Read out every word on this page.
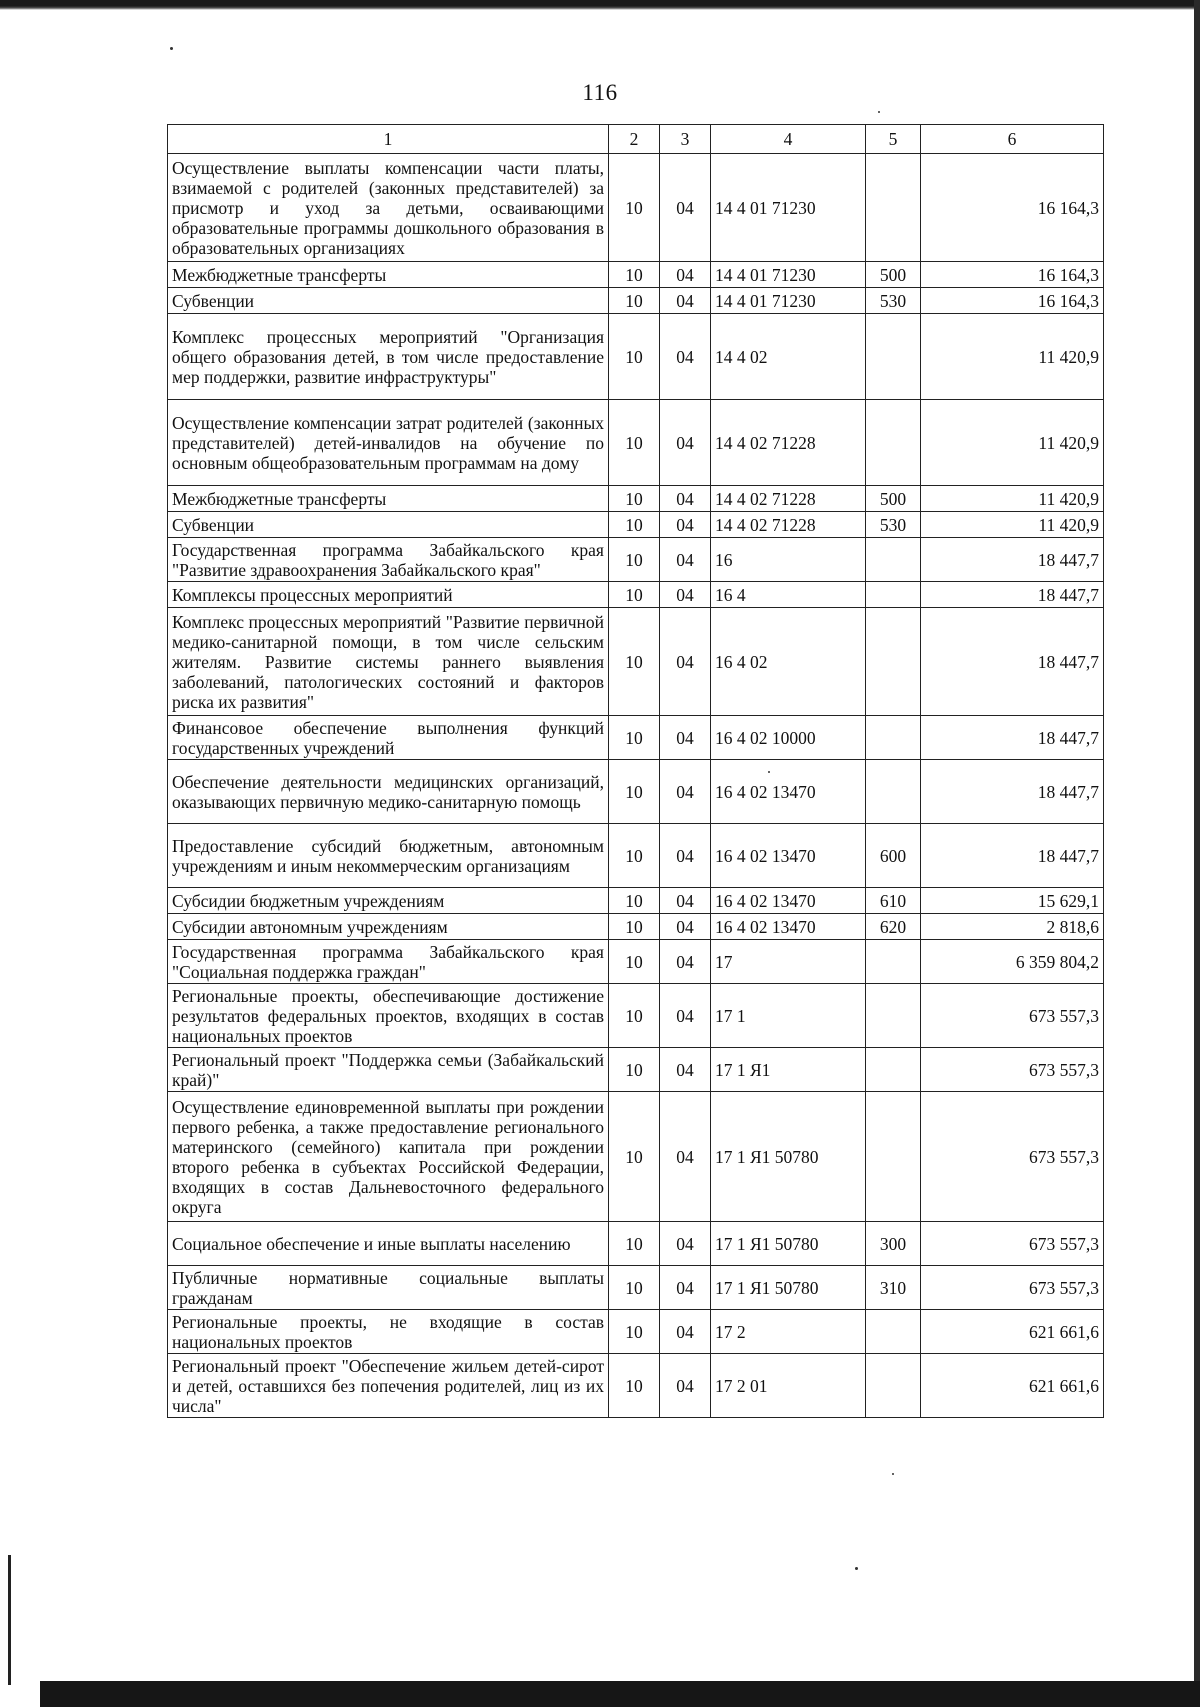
116
1	2	3	4	5	6
Осуществление выплаты компенсации части платы, взимаемой с родителей (законных представителей) за присмотр и уход за детьми, осваивающими образовательные программы дошкольного образования в образовательных организациях	10	04	14 4 01 71230		16 164,3
Межбюджетные трансферты	10	04	14 4 01 71230	500	16 164,3
Субвенции	10	04	14 4 01 71230	530	16 164,3
Комплекс процессных мероприятий "Организация общего образования детей, в том числе предоставление мер поддержки, развитие инфраструктуры"	10	04	14 4 02		11 420,9
Осуществление компенсации затрат родителей (законных представителей) детей-инвалидов на обучение по основным общеобразовательным программам на дому	10	04	14 4 02 71228		11 420,9
Межбюджетные трансферты	10	04	14 4 02 71228	500	11 420,9
Субвенции	10	04	14 4 02 71228	530	11 420,9
Государственная программа Забайкальского края "Развитие здравоохранения Забайкальского края"	10	04	16		18 447,7
Комплексы процессных мероприятий	10	04	16 4		18 447,7
Комплекс процессных мероприятий "Развитие первичной медико-санитарной помощи, в том числе сельским жителям. Развитие системы раннего выявления заболеваний, патологических состояний и факторов риска их развития"	10	04	16 4 02		18 447,7
Финансовое обеспечение выполнения функций государственных учреждений	10	04	16 4 02 10000		18 447,7
Обеспечение деятельности медицинских организаций, оказывающих первичную медико-санитарную помощь	10	04	16 4 02 13470		18 447,7
Предоставление субсидий бюджетным, автономным учреждениям и иным некоммерческим организациям	10	04	16 4 02 13470	600	18 447,7
Субсидии бюджетным учреждениям	10	04	16 4 02 13470	610	15 629,1
Субсидии автономным учреждениям	10	04	16 4 02 13470	620	2 818,6
Государственная программа Забайкальского края "Социальная поддержка граждан"	10	04	17		6 359 804,2
Региональные проекты, обеспечивающие достижение результатов федеральных проектов, входящих в состав национальных проектов	10	04	17 1		673 557,3
Региональный проект "Поддержка семьи (Забайкальский край)"	10	04	17 1 Я1		673 557,3
Осуществление единовременной выплаты при рождении первого ребенка, а также предоставление регионального материнского (семейного) капитала при рождении второго ребенка в субъектах Российской Федерации, входящих в состав Дальневосточного федерального округа	10	04	17 1 Я1 50780		673 557,3
Социальное обеспечение и иные выплаты населению	10	04	17 1 Я1 50780	300	673 557,3
Публичные нормативные социальные выплаты гражданам	10	04	17 1 Я1 50780	310	673 557,3
Региональные проекты, не входящие в состав национальных проектов	10	04	17 2		621 661,6
Региональный проект "Обеспечение жильем детей-сирот и детей, оставшихся без попечения родителей, лиц из их числа"	10	04	17 2 01		621 661,6
